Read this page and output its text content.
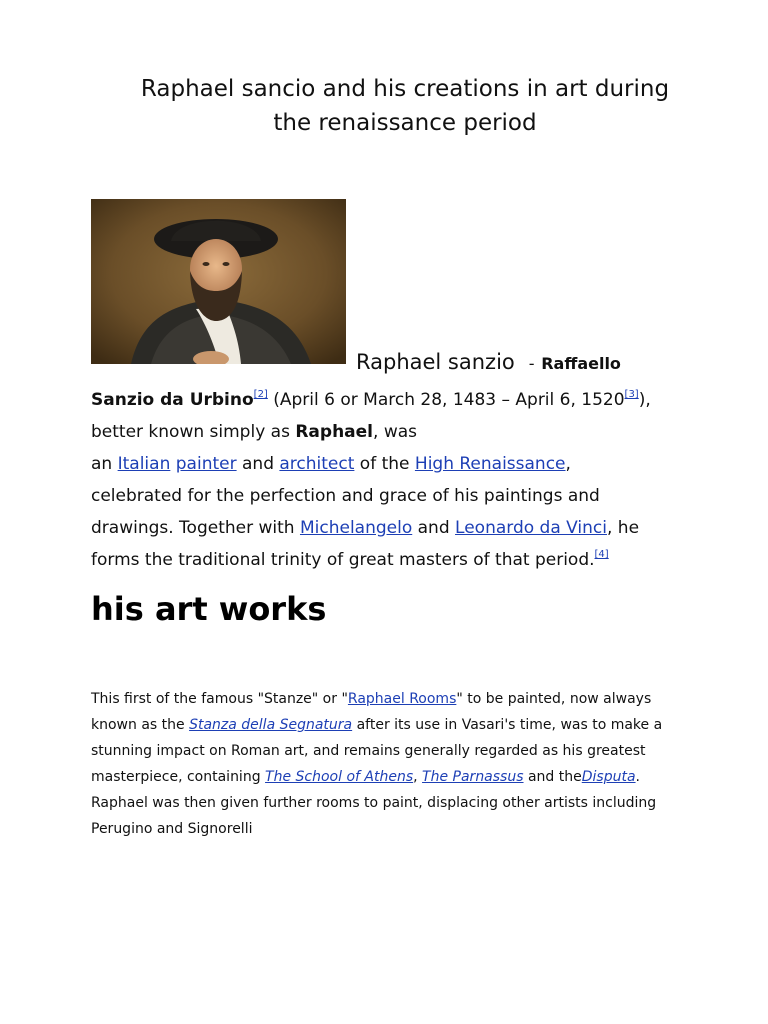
Raphael sancio and his creations in art during
the renaissance period
Raphael sanzio - Raffaello

Sanzio da Urbino[2] (April 6 or March 28, 1483 – April 6, 1520[3]),

better known simply as Raphael, was

an Italian painter and architect of the High Renaissance,

celebrated for the perfection and grace of his paintings and

drawings. Together with Michelangelo and Leonardo da Vinci, he

forms the traditional trinity of great masters of that period.[4]

his art works

This first of the famous "Stanze" or "Raphael Rooms" to be painted, now always

known as the Stanza della Segnatura after its use in Vasari's time, was to make a

stunning impact on Roman art, and remains generally regarded as his greatest

masterpiece, containing The School of Athens, The Parnassus and theDisputa.

Raphael was then given further rooms to paint, displacing other artists including

Perugino and Signorelli
